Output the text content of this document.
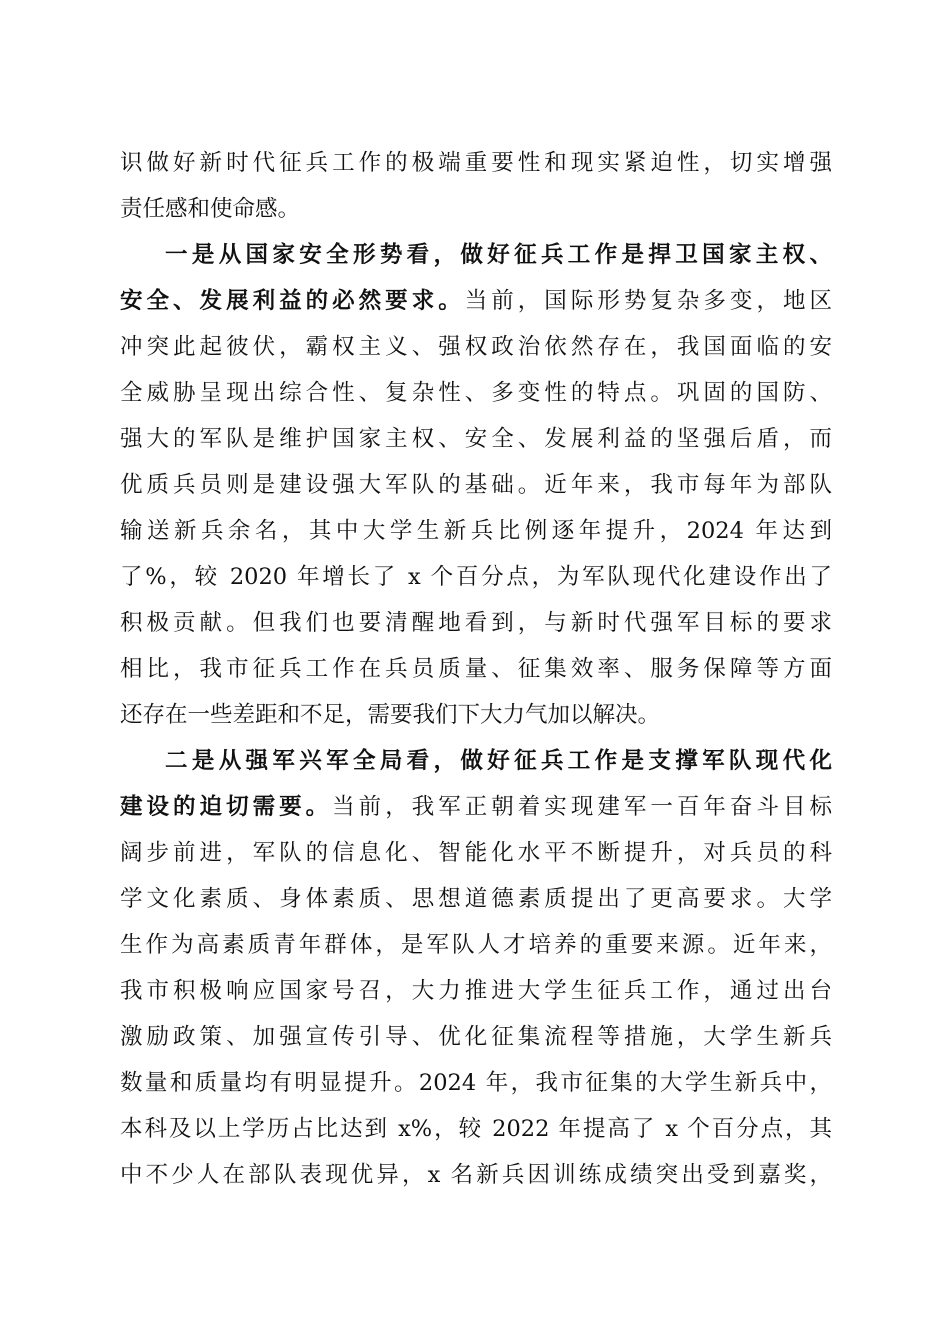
识做好新时代征兵工作的极端重要性和现实紧迫性，切实增强
责任感和使命感。
一是从国家安全形势看，做好征兵工作是捍卫国家主权、
安全、发展利益的必然要求。当前，国际形势复杂多变，地区
冲突此起彼伏，霸权主义、强权政治依然存在，我国面临的安
全威胁呈现出综合性、复杂性、多变性的特点。巩固的国防、
强大的军队是维护国家主权、安全、发展利益的坚强后盾，而
优质兵员则是建设强大军队的基础。近年来，我市每年为部队
输送新兵余名，其中大学生新兵比例逐年提升，2024 年达到
了%，较 2020 年增长了 x 个百分点，为军队现代化建设作出了
积极贡献。但我们也要清醒地看到，与新时代强军目标的要求
相比，我市征兵工作在兵员质量、征集效率、服务保障等方面
还存在一些差距和不足，需要我们下大力气加以解决。
二是从强军兴军全局看，做好征兵工作是支撑军队现代化
建设的迫切需要。当前，我军正朝着实现建军一百年奋斗目标
阔步前进，军队的信息化、智能化水平不断提升，对兵员的科
学文化素质、身体素质、思想道德素质提出了更高要求。大学
生作为高素质青年群体，是军队人才培养的重要来源。近年来，
我市积极响应国家号召，大力推进大学生征兵工作，通过出台
激励政策、加强宣传引导、优化征集流程等措施，大学生新兵
数量和质量均有明显提升。2024 年，我市征集的大学生新兵中，
本科及以上学历占比达到 x%，较 2022 年提高了 x 个百分点，其
中不少人在部队表现优异，x 名新兵因训练成绩突出受到嘉奖，
